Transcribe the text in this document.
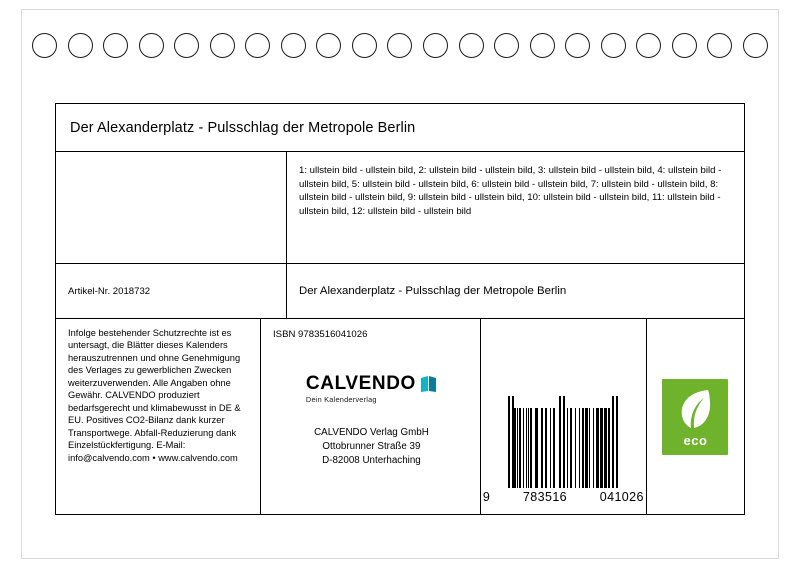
Der Alexanderplatz - Pulsschlag der Metropole Berlin
1: ullstein bild - ullstein bild, 2: ullstein bild - ullstein bild, 3: ullstein bild - ullstein bild, 4: ullstein bild - ullstein bild, 5: ullstein bild - ullstein bild, 6: ullstein bild - ullstein bild, 7: ullstein bild - ullstein bild, 8: ullstein bild - ullstein bild, 9: ullstein bild - ullstein bild, 10: ullstein bild - ullstein bild, 11: ullstein bild - ullstein bild, 12: ullstein bild - ullstein bild
Artikel-Nr. 2018732	Der Alexanderplatz - Pulsschlag der Metropole Berlin
Infolge bestehender Schutzrechte ist es untersagt, die Blätter dieses Kalenders herauszutrennen und ohne Genehmigung des Verlages zu gewerblichen Zwecken weiterzuverwenden. Alle Angaben ohne Gewähr. CALVENDO produziert bedarfsgerecht und klimabewusst in DE & EU. Positives CO2-Bilanz dank kurzer Transportwege. Abfall-Reduzierung dank Einzelstückfertigung. E-Mail: info@calvendo.com • www.calvendo.com
ISBN 9783516041026
CALVENDO
Dein Kalenderverlag
CALVENDO Verlag GmbH
Ottobrunner Straße 39
D-82008 Unterhaching
9	783516	041026
eco
